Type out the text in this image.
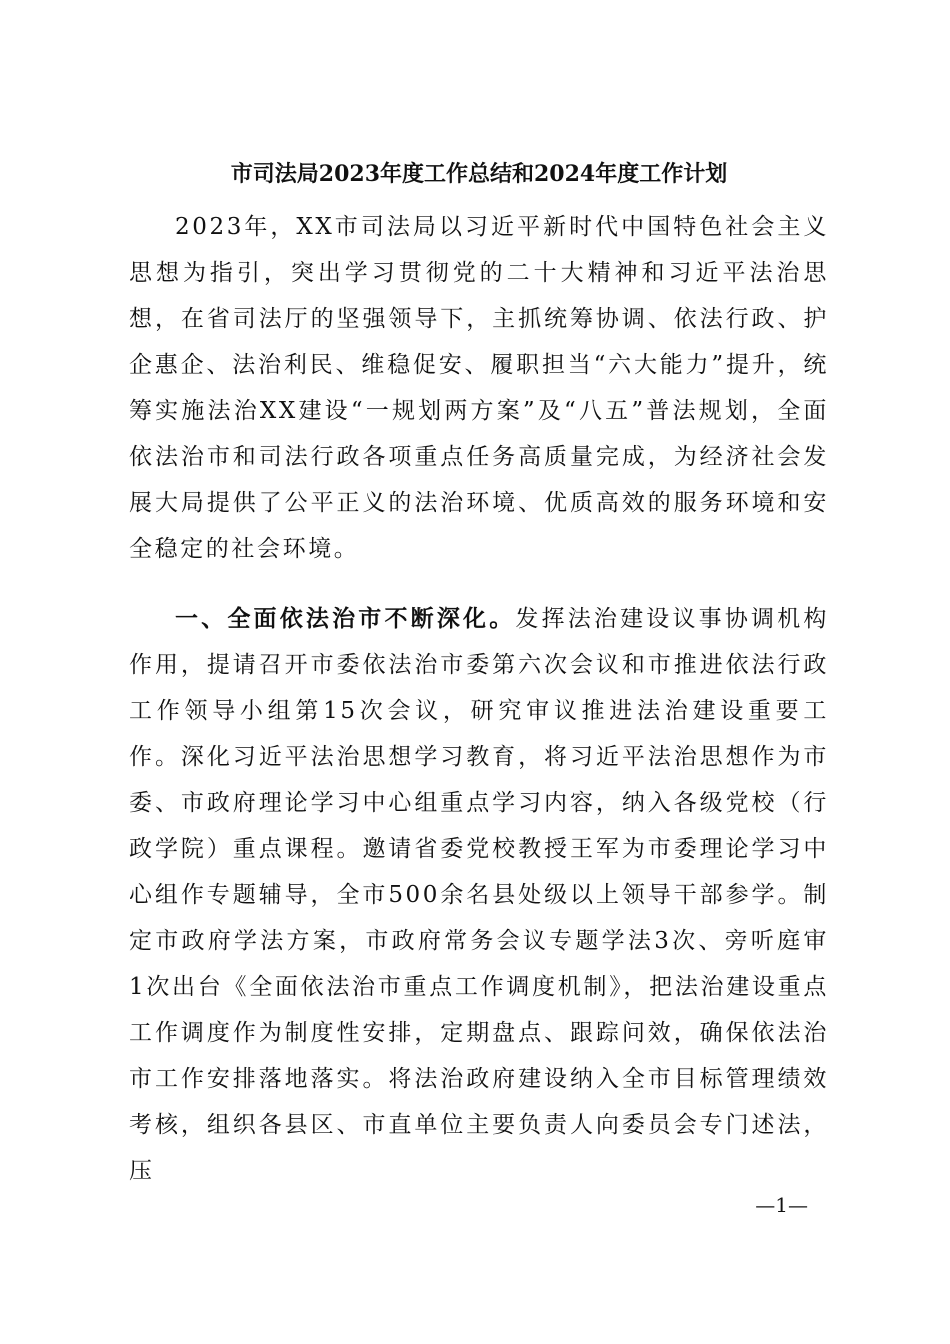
市司法局2023年度工作总结和2024年度工作计划

2023年，XX市司法局以习近平新时代中国特色社会主义思想为指引，突出学习贯彻党的二十大精神和习近平法治思想，在省司法厅的坚强领导下，主抓统筹协调、依法行政、护企惠企、法治利民、维稳促安、履职担当“六大能力”提升，统筹实施法治XX建设“一规划两方案”及“八五”普法规划，全面依法治市和司法行政各项重点任务高质量完成，为经济社会发展大局提供了公平正义的法治环境、优质高效的服务环境和安全稳定的社会环境。

一、全面依法治市不断深化。发挥法治建设议事协调机构作用，提请召开市委依法治市委第六次会议和市推进依法行政工作领导小组第15次会议，研究审议推进法治建设重要工作。深化习近平法治思想学习教育，将习近平法治思想作为市委、市政府理论学习中心组重点学习内容，纳入各级党校（行政学院）重点课程。邀请省委党校教授王军为市委理论学习中心组作专题辅导，全市500余名县处级以上领导干部参学。制定市政府学法方案，市政府常务会议专题学法3次、旁听庭审1次出台《全面依法治市重点工作调度机制》，把法治建设重点工作调度作为制度性安排，定期盘点、跟踪问效，确保依法治市工作安排落地落实。将法治政府建设纳入全市目标管理绩效考核，组织各县区、市直单位主要负责人向委员会专门述法，压

—1—
